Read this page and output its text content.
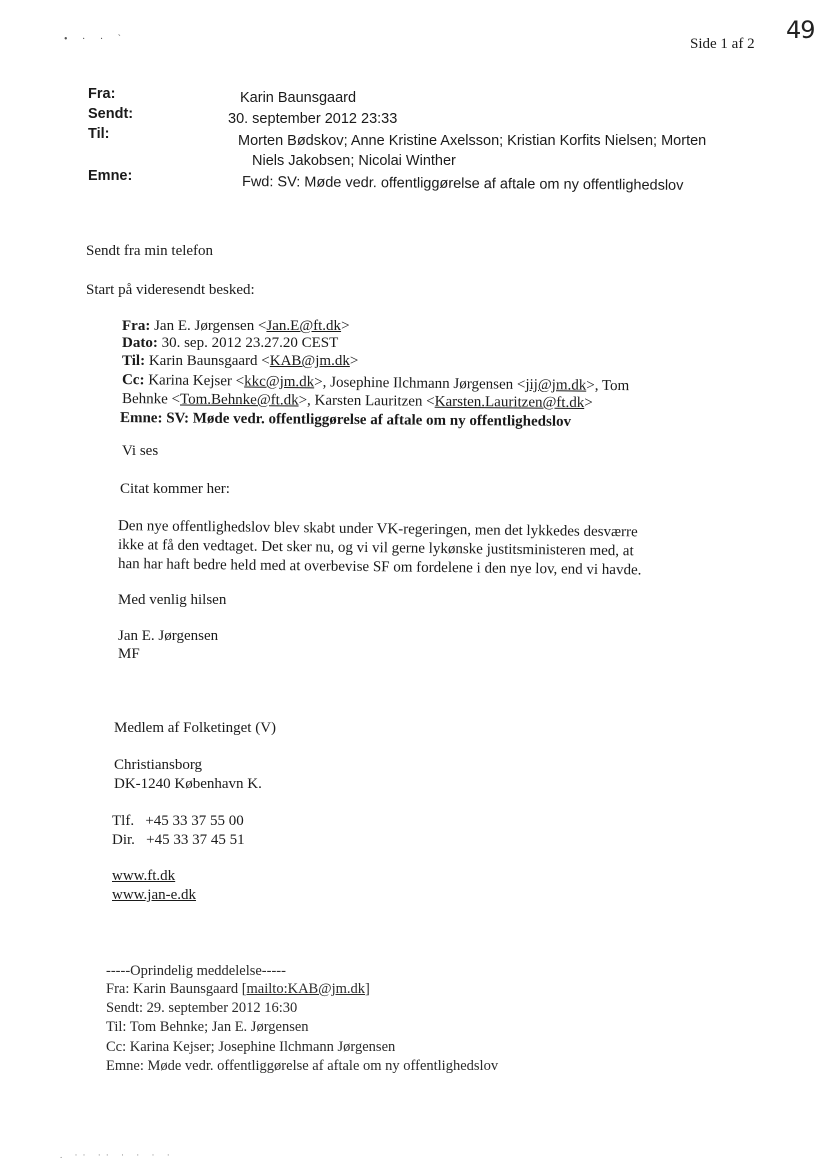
• · · `	Side 1 af 2 49
Fra:
Sendt:
Til:
Emne:
Karin Baunsgaard
30. september 2012 23:33
Morten Bødskov; Anne Kristine Axelsson; Kristian Korfits Nielsen; Morten
Niels Jakobsen; Nicolai Winther
Fwd: SV: Møde vedr. offentliggørelse af aftale om ny offentlighedslov
Sendt fra min telefon
Start på videresendt besked:
Fra: Jan E. Jørgensen <Jan.E@ft.dk>
Dato: 30. sep. 2012 23.27.20 CEST
Til: Karin Baunsgaard <KAB@jm.dk>
Cc: Karina Kejser <kkc@jm.dk>, Josephine Ilchmann Jørgensen <jij@jm.dk>, Tom
Behnke <Tom.Behnke@ft.dk>, Karsten Lauritzen <Karsten.Lauritzen@ft.dk>
Emne: SV: Møde vedr. offentliggørelse af aftale om ny offentlighedslov
Vi ses
Citat kommer her:
Den nye offentlighedslov blev skabt under VK-regeringen, men det lykkedes desværre
ikke at få den vedtaget. Det sker nu, og vi vil gerne lykønske justitsministeren med, at
han har haft bedre held med at overbevise SF om fordelene i den nye lov, end vi havde.
Med venlig hilsen
Jan E. Jørgensen
MF
Medlem af Folketinget (V)
Christiansborg
DK-1240 København K.
Tlf.   +45 33 37 55 00
Dir.   +45 33 37 45 51
www.ft.dk
www.jan-e.dk
-----Oprindelig meddelelse-----
Fra: Karin Baunsgaard [mailto:KAB@jm.dk]
Sendt: 29. september 2012 16:30
Til: Tom Behnke; Jan E. Jørgensen
Cc: Karina Kejser; Josephine Ilchmann Jørgensen
Emne: Møde vedr. offentliggørelse af aftale om ny offentlighedslov
. ·· ·· · · · ·
